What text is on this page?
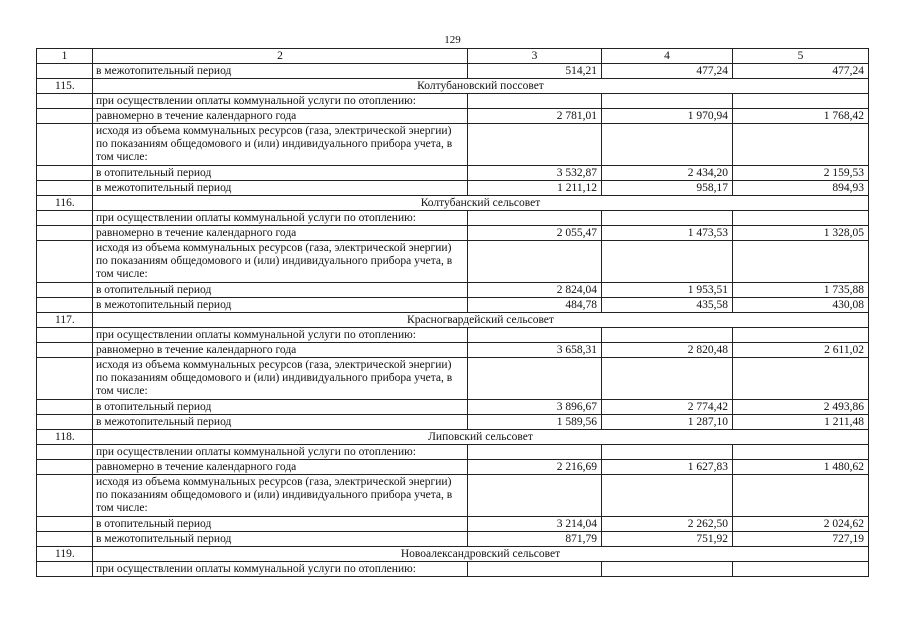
129
1	2	3	4	5
	в межотопительный период	514,21	477,24	477,24
115.	Колтубановский поссовет			
	при осуществлении оплаты коммунальной услуги по отоплению:			
	равномерно в течение календарного года	2 781,01	1 970,94	1 768,42
	исходя из объема коммунальных ресурсов (газа, электрической энергии) по показаниям общедомового и (или) индивидуального прибора учета, в том числе:			
	в отопительный период	3 532,87	2 434,20	2 159,53
	в межотопительный период	1 211,12	958,17	894,93
116.	Колтубанский сельсовет			
	при осуществлении оплаты коммунальной услуги по отоплению:			
	равномерно в течение календарного года	2 055,47	1 473,53	1 328,05
	исходя из объема коммунальных ресурсов (газа, электрической энергии) по показаниям общедомового и (или) индивидуального прибора учета, в том числе:			
	в отопительный период	2 824,04	1 953,51	1 735,88
	в межотопительный период	484,78	435,58	430,08
117.	Красногвардейский сельсовет			
	при осуществлении оплаты коммунальной услуги по отоплению:			
	равномерно в течение календарного года	3 658,31	2 820,48	2 611,02
	исходя из объема коммунальных ресурсов (газа, электрической энергии) по показаниям общедомового и (или) индивидуального прибора учета, в том числе:			
	в отопительный период	3 896,67	2 774,42	2 493,86
	в межотопительный период	1 589,56	1 287,10	1 211,48
118.	Липовский сельсовет			
	при осуществлении оплаты коммунальной услуги по отоплению:			
	равномерно в течение календарного года	2 216,69	1 627,83	1 480,62
	исходя из объема коммунальных ресурсов (газа, электрической энергии) по показаниям общедомового и (или) индивидуального прибора учета, в том числе:			
	в отопительный период	3 214,04	2 262,50	2 024,62
	в межотопительный период	871,79	751,92	727,19
119.	Новоалександровский сельсовет			
	при осуществлении оплаты коммунальной услуги по отоплению:			
